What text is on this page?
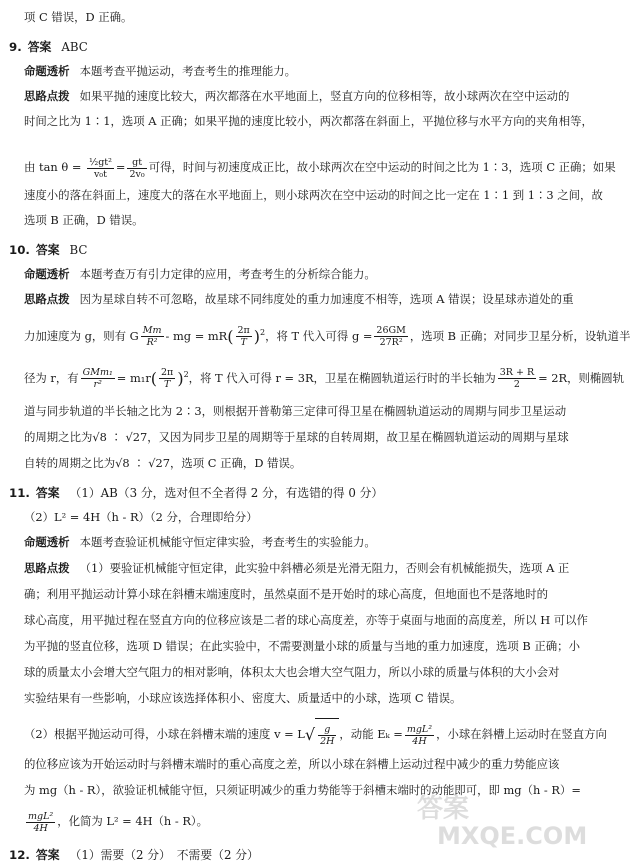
项 C 错误，D 正确。
9. 答案 ABC
命题透析 本题考查平抛运动，考查考生的推理能力。
思路点拨 如果平抛的速度比较大，两次都落在水平地面上，竖直方向的位移相等，故小球两次在空中运动的
时间之比为 1∶1，选项 A 正确；如果平抛的速度比较小，两次都落在斜面上，平抛位移与水平方向的夹角相等，
由 $\tan \theta = \frac{\text{½gt²}}{\text{v₀t}} = \frac{gt}{\text{2v₀}}$ 可得，时间与初速度成正比，故小球两次在空中运动的时间之比为 1∶3，选项 C 正确；如果
速度小的落在斜面上，速度大的落在水平地面上，则小球两次在空中运动的时间之比一定在 1∶1 到 1∶3 之间，故
选项 B 正确，D 错误。
10. 答案 BC
命题透析 本题考查万有引力定律的应用，考查考生的分析综合能力。
思路点拨 因为星球自转不可忽略，故星球不同纬度处的重力加速度不相等，选项 A 错误；设星球赤道处的重
力加速度为 g，则有 G $\frac{Mm}{\text{R²}}$ - mg = $mR( \frac{2\pi}{T} )^2$，将 T 代入可得 $g = \frac{26GM}{\text{27R²}}$ ，选项 B 正确；对同步卫星分析，设轨道半
径为 r，有 $\frac{\text{GMm₁}}{\text{r²}} = m_1r( \frac{2\pi}{T} )^2$，将 T 代入可得 r = 3R，卫星在椭圆轨道运行时的半长轴为 $\frac{3R + R}{2} = 2R$，则椭圆轨
道与同步轨道的半长轴之比为 2∶3，则根据开普勒第三定律可得卫星在椭圆轨道运动的周期与同步卫星运动
的周期之比为√8 ∶ √27，又因为同步卫星的周期等于星球的自转周期，故卫星在椭圆轨道运动的周期与星球
自转的周期之比为√8 ∶ √27，选项 C 正确，D 错误。
11. 答案 （1）AB（3 分，选对但不全者得 2 分，有选错的得 0 分）
（2）L² = 4H（h - R）（2 分，合理即给分）
命题透析 本题考查验证机械能守恒定律实验，考查考生的实验能力。
思路点拨 （1）要验证机械能守恒定律，此实验中斜槽必须是光滑无阻力，否则会有机械能损失，选项 A 正
确；利用平抛运动计算小球在斜槽末端速度时，虽然桌面不是开始时的球心高度，但地面也不是落地时的
球心高度，用平抛过程在竖直方向的位移应该是二者的球心高度差，亦等于桌面与地面的高度差，所以 H 可以作
为平抛的竖直位移，选项 D 错误；在此实验中，不需要测量小球的质量与当地的重力加速度，选项 B 正确；小
球的质量太小会增大空气阻力的相对影响，体积太大也会增大空气阻力，所以小球的质量与体积的大小会对
实验结果有一些影响，小球应该选择体积小、密度大、质量适中的小球，选项 C 错误。
（2）根据平抛运动可得，小球在斜槽末端的速度 $v = L√ \frac{g}{2H}$ ，动能 $E_k = \frac{\text{mgL²}}{4H}$ ，小球在斜槽上运动时在竖直方向
的位移应该为开始运动时与斜槽末端时的重心高度之差，所以小球在斜槽上运动过程中减少的重力势能应该
为 mg（h - R），欲验证机械能守恒，只须证明减少的重力势能等于斜槽末端时的动能即可，即 mg（h - R）=
$\frac{\text{mgL²}}{4H}$ ，化简为 L² = 4H（h - R）。
12. 答案 （1）需要（2 分）　不需要（2 分）
答案
MXQE.COM
